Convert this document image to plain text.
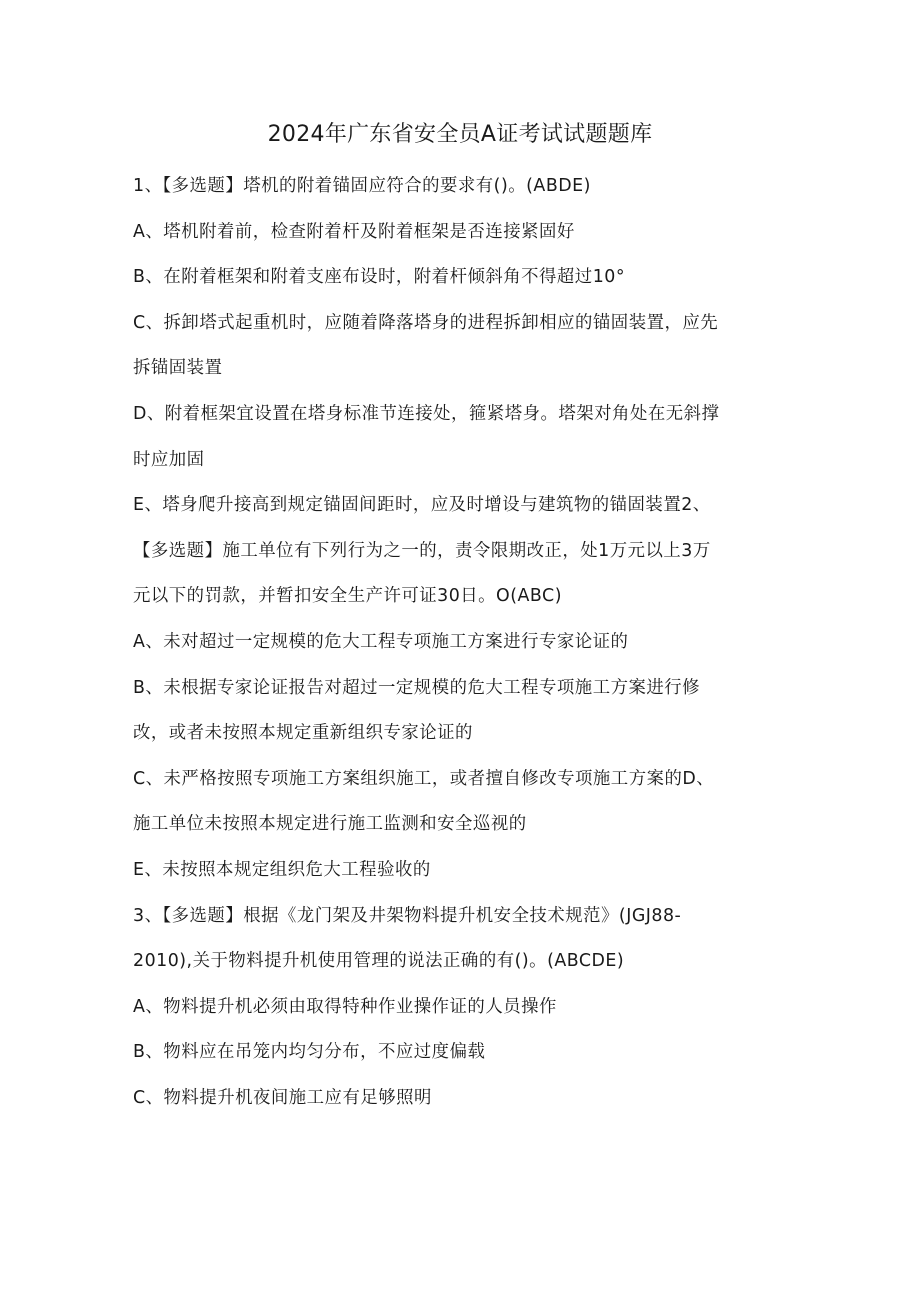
2024年广东省安全员A证考试试题题库
1、【多选题】塔机的附着锚固应符合的要求有()。(ABDE)
A、塔机附着前，检查附着杆及附着框架是否连接紧固好
B、在附着框架和附着支座布设时，附着杆倾斜角不得超过10°
C、拆卸塔式起重机时，应随着降落塔身的进程拆卸相应的锚固装置，应先
拆锚固装置
D、附着框架宜设置在塔身标准节连接处，箍紧塔身。塔架对角处在无斜撑
时应加固
E、塔身爬升接高到规定锚固间距时，应及时增设与建筑物的锚固装置2、
【多选题】施工单位有下列行为之一的，责令限期改正，处1万元以上3万
元以下的罚款，并暂扣安全生产许可证30日。O(ABC)
A、未对超过一定规模的危大工程专项施工方案进行专家论证的
B、未根据专家论证报告对超过一定规模的危大工程专项施工方案进行修
改，或者未按照本规定重新组织专家论证的
C、未严格按照专项施工方案组织施工，或者擅自修改专项施工方案的D、
施工单位未按照本规定进行施工监测和安全巡视的
E、未按照本规定组织危大工程验收的
3、【多选题】根据《龙门架及井架物料提升机安全技术规范》(JGJ88-
2010),关于物料提升机使用管理的说法正确的有()。(ABCDE)
A、物料提升机必须由取得特种作业操作证的人员操作
B、物料应在吊笼内均匀分布，不应过度偏载
C、物料提升机夜间施工应有足够照明
